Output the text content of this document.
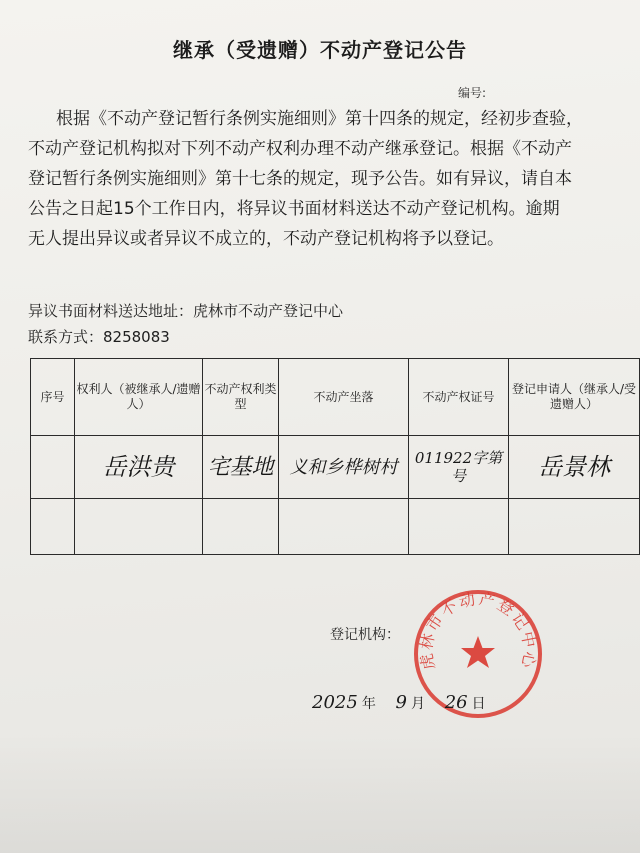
继承（受遗赠）不动产登记公告
编号:
根据《不动产登记暂行条例实施细则》第十四条的规定，经初步查验，
不动产登记机构拟对下列不动产权利办理不动产继承登记。根据《不动产
登记暂行条例实施细则》第十七条的规定，现予公告。如有异议，请自本
公告之日起15个工作日内，将异议书面材料送达不动产登记机构。逾期
无人提出异议或者异议不成立的，不动产登记机构将予以登记。
异议书面材料送达地址：虎林市不动产登记中心
联系方式：8258083
序号	权利人（被继承人/遗赠人）	不动产权利类型	不动产坐落	不动产权证号	登记申请人（继承人/受遗赠人）
	岳洪贵	宅基地	义和乡桦树村	011922字第号	岳景林

虎林市不动产登记中心
登记机构：
2025 年 9 月 26 日
